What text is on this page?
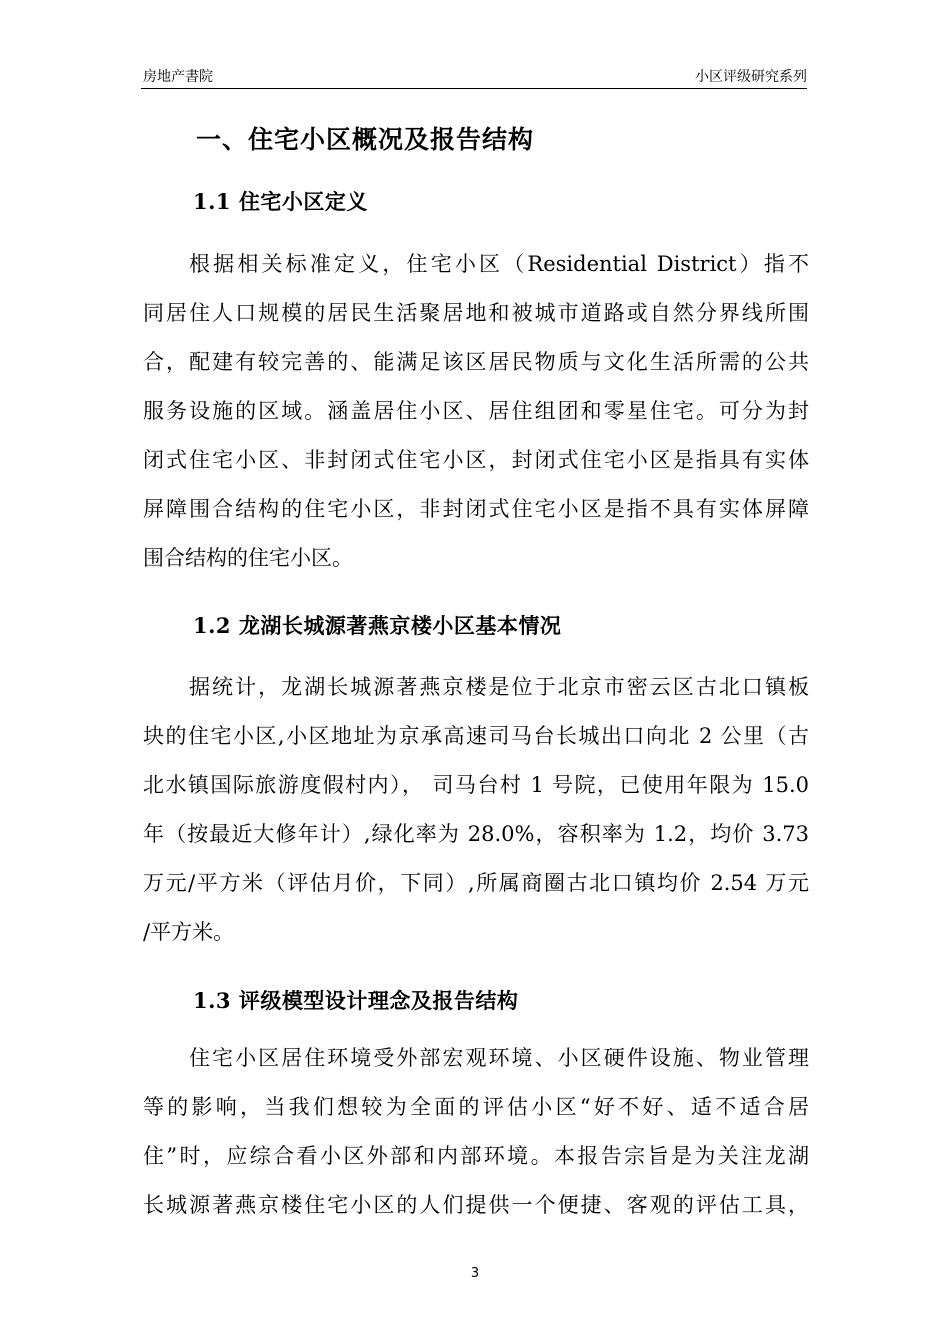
房地产書院	小区评级研究系列
一、住宅小区概况及报告结构
1.1 住宅小区定义
根据相关标准定义，住宅小区（Residential District）指不
同居住人口规模的居民生活聚居地和被城市道路或自然分界线所围
合，配建有较完善的、能满足该区居民物质与文化生活所需的公共
服务设施的区域。涵盖居住小区、居住组团和零星住宅。可分为封
闭式住宅小区、非封闭式住宅小区，封闭式住宅小区是指具有实体
屏障围合结构的住宅小区，非封闭式住宅小区是指不具有实体屏障
围合结构的住宅小区。
1.2 龙湖长城源著燕京楼小区基本情况
据统计，龙湖长城源著燕京楼是位于北京市密云区古北口镇板
块的住宅小区,小区地址为京承高速司马台长城出口向北 2 公里（古
北水镇国际旅游度假村内）， 司马台村 1 号院，已使用年限为 15.0
年（按最近大修年计）,绿化率为 28.0%，容积率为 1.2，均价 3.73
万元/平方米（评估月价，下同）,所属商圈古北口镇均价 2.54 万元
/平方米。
1.3 评级模型设计理念及报告结构
住宅小区居住环境受外部宏观环境、小区硬件设施、物业管理
等的影响，当我们想较为全面的评估小区“好不好、适不适合居
住”时，应综合看小区外部和内部环境。本报告宗旨是为关注龙湖
长城源著燕京楼住宅小区的人们提供一个便捷、客观的评估工具，
3
